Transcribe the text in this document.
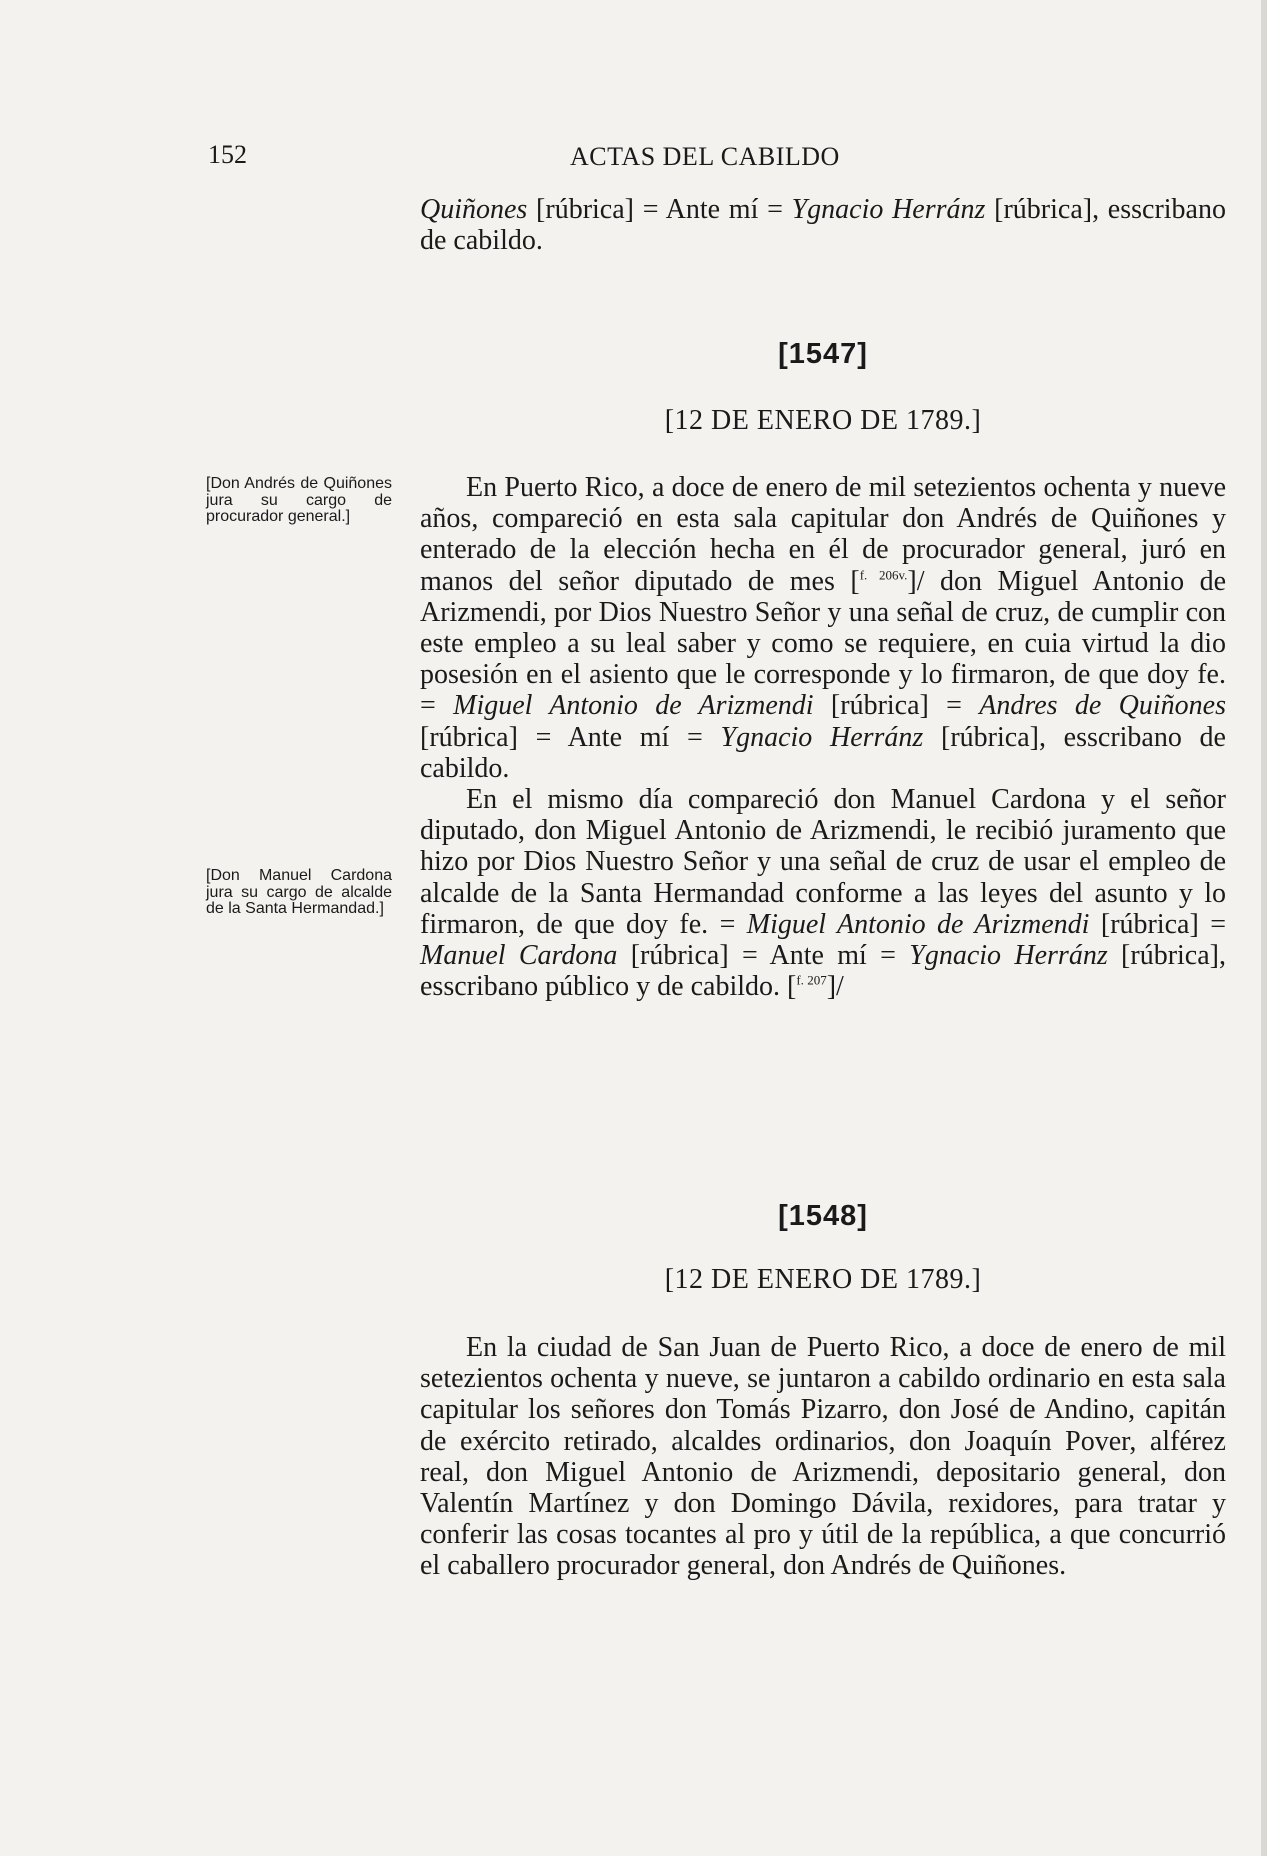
152	ACTAS DEL CABILDO

Quiñones [rúbrica] = Ante mí = Ygnacio Herránz [rúbrica], esscribano de cabildo.

[1547]
[12 DE ENERO DE 1789.]
[Don Andrés de Quiñones jura su cargo de procurador general.]

En Puerto Rico, a doce de enero de mil setezientos ochenta y nueve años, compareció en esta sala capitular don Andrés de Quiñones y enterado de la elección hecha en él de procurador general, juró en manos del señor diputado de mes [$^{f. 206v.}$]/ don Miguel Antonio de Arizmendi, por Dios Nuestro Señor y una señal de cruz, de cumplir con este empleo a su leal saber y como se requiere, en cuia virtud la dio posesión en el asiento que le corresponde y lo firmaron, de que doy fe. = Miguel Antonio de Arizmendi [rúbrica] = Andres de Quiñones [rúbrica] = Ante mí = Ygnacio Herránz [rúbrica], esscribano de cabildo.

En el mismo día compareció don Manuel Cardona y el señor diputado, don Miguel Antonio de Arizmendi, le recibió juramento que hizo por Dios Nuestro Señor y una señal de cruz de usar el empleo de alcalde de la Santa Hermandad conforme a las leyes del asunto y lo firmaron, de que doy fe. = Miguel Antonio de Arizmendi [rúbrica] = Manuel Cardona [rúbrica] = Ante mí = Ygnacio Herránz [rúbrica], esscribano público y de cabildo. [$^{f. 207}$]/

[Don Manuel Cardona jura su cargo de alcalde de la Santa Hermandad.]
[1548]
[12 DE ENERO DE 1789.]

En la ciudad de San Juan de Puerto Rico, a doce de enero de mil setezientos ochenta y nueve, se juntaron a cabildo ordinario en esta sala capitular los señores don Tomás Pizarro, don José de Andino, capitán de exército retirado, alcaldes ordinarios, don Joaquín Pover, alférez real, don Miguel Antonio de Arizmendi, depositario general, don Valentín Martínez y don Domingo Dávila, rexidores, para tratar y conferir las cosas tocantes al pro y útil de la república, a que concurrió el caballero procurador general, don Andrés de Quiñones.
